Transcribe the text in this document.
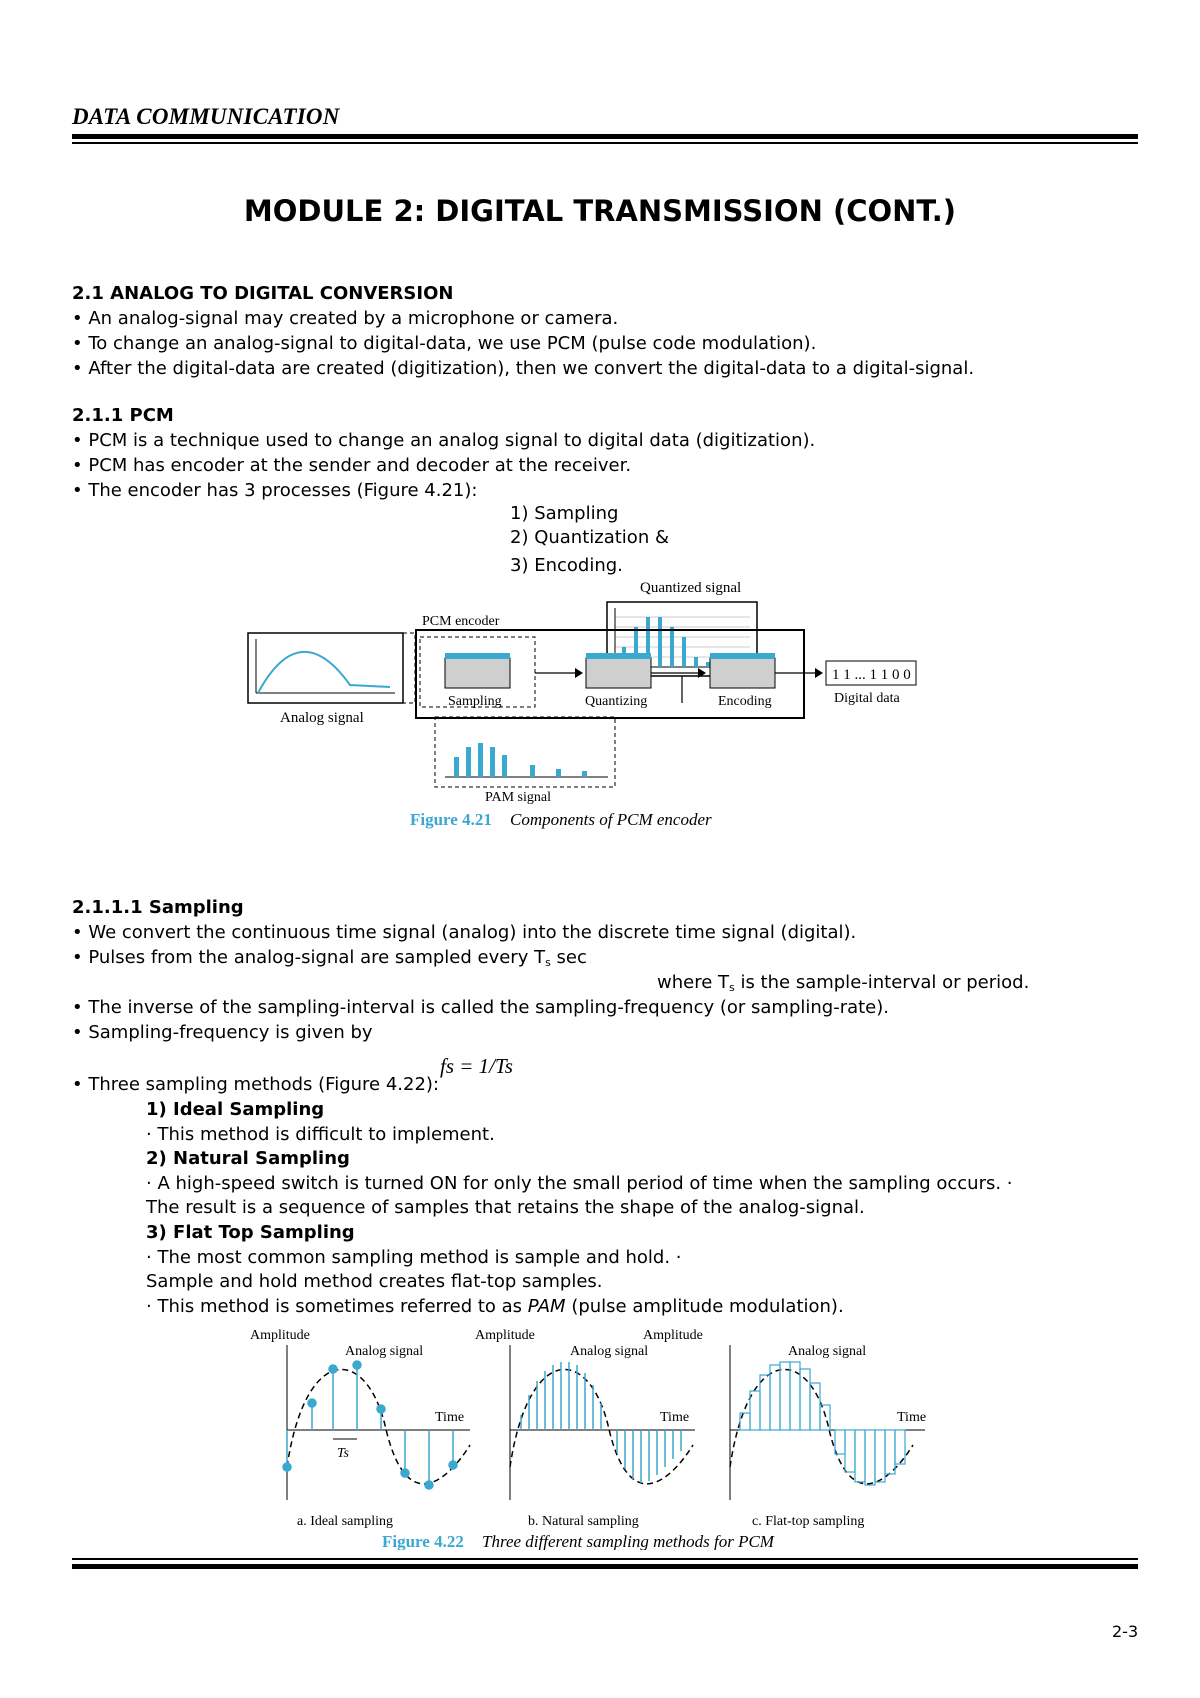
DATA COMMUNICATION
MODULE 2: DIGITAL TRANSMISSION (CONT.)
2.1 ANALOG TO DIGITAL CONVERSION
• An analog-signal may created by a microphone or camera.
• To change an analog-signal to digital-data, we use PCM (pulse code modulation).
• After the digital-data are created (digitization), then we convert the digital-data to a digital-signal.
2.1.1 PCM
• PCM is a technique used to change an analog signal to digital data (digitization).
• PCM has encoder at the sender and decoder at the receiver.
• The encoder has 3 processes (Figure 4.21):
1) Sampling
2) Quantization &
3) Encoding.
Quantized signal
PCM encoder
Analog signal
Sampling	Quantizing	Encoding
1 1 ... 1 1 0 0
Digital data
PAM signal
Figure 4.21 Components of PCM encoder
2.1.1.1 Sampling
• We convert the continuous time signal (analog) into the discrete time signal (digital).
• Pulses from the analog-signal are sampled every $T_s$ sec
where $T_s$ is the sample-interval or period.
• The inverse of the sampling-interval is called the sampling-frequency (or sampling-rate).
• Sampling-frequency is given by
fs = 1/Ts
• Three sampling methods (Figure 4.22):
1) Ideal Sampling
· This method is difficult to implement.
2) Natural Sampling
· A high-speed switch is turned ON for only the small period of time when the sampling occurs. ·
The result is a sequence of samples that retains the shape of the analog-signal.
3) Flat Top Sampling
· The most common sampling method is sample and hold. ·
Sample and hold method creates flat-top samples.
· This method is sometimes referred to as PAM (pulse amplitude modulation).
Amplitude
Analog signal
Time
Ts
a. Ideal sampling
Amplitude
Analog signal
Time
b. Natural sampling
Amplitude
Analog signal
Time
c. Flat-top sampling
Figure 4.22 Three different sampling methods for PCM
2-3
